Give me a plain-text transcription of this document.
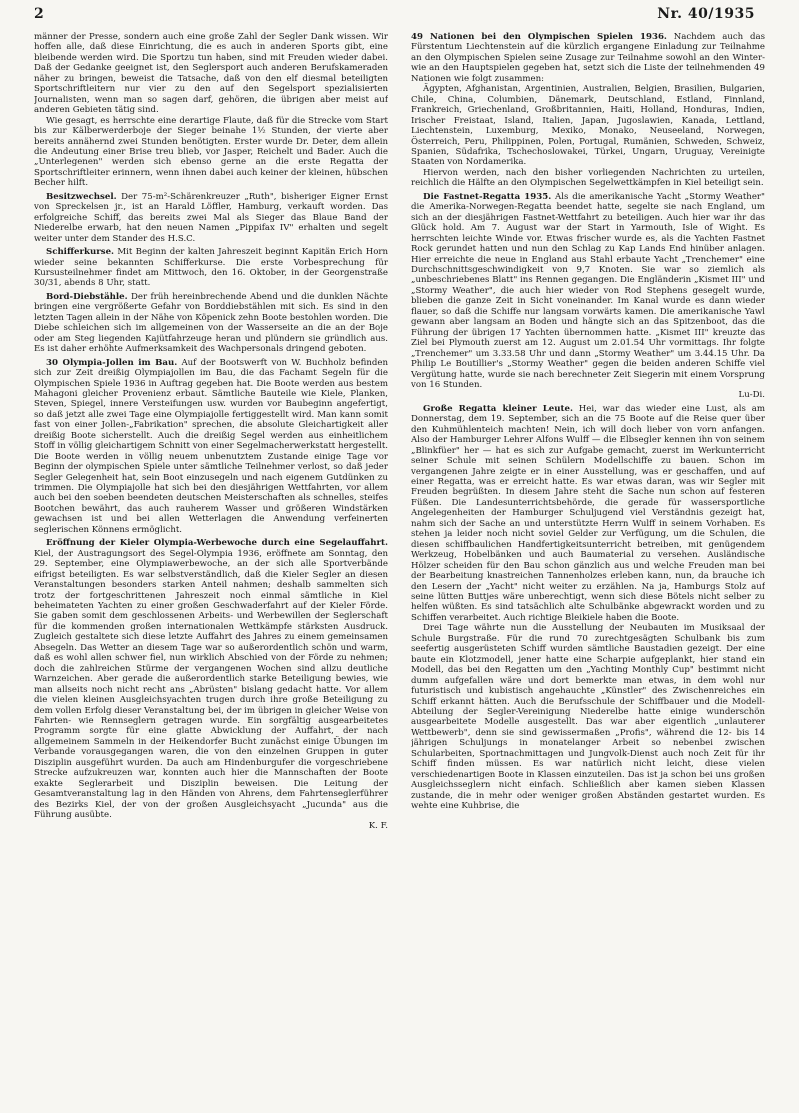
2	Nr. 40/1935

männer der Presse, sondern auch eine große Zahl der Segler Dank wissen. Wir hoffen alle, daß diese Einrichtung, die es auch in anderen Sports gibt, eine bleibende werden wird. Die Sportzu tun haben, sind mit Freuden wieder dabei. Daß der Gedanke geeignet ist, den Seglersport auch anderen Berufskameraden näher zu bringen, beweist die Tatsache, daß von den elf diesmal beteiligten Sportschriftleitern nur vier zu den auf den Segelsport spezialisierten Journalisten, wenn man so sagen darf, gehören, die übrigen aber meist auf anderen Gebieten tätig sind.

Wie gesagt, es herrschte eine derartige Flaute, daß für die Strecke vom Start bis zur Kälberwerderboje der Sieger beinahe 1½ Stunden, der vierte aber bereits annähernd zwei Stunden benötigten. Erster wurde Dr. Deter, dem allein die Andeutung einer Brise treu blieb, vor Jasper, Reichelt und Bader. Auch die „Unterlegenen" werden sich ebenso gerne an die erste Regatta der Sportschriftleiter erinnern, wenn ihnen dabei auch keiner der kleinen, hübschen Becher hilft.

Besitzwechsel. Der 75-m²-Schärenkreuzer „Ruth", bisheriger Eigner Ernst von Spreckelsen jr., ist an Harald Löffler, Hamburg, verkauft worden. Das erfolgreiche Schiff, das bereits zwei Mal als Sieger das Blaue Band der Niederelbe erwarb, hat den neuen Namen „Pippifax IV" erhalten und segelt weiter unter dem Stander des H.S.C.

Schifferkurse. Mit Beginn der kalten Jahreszeit beginnt Kapitän Erich Horn wieder seine bekannten Schifferkurse. Die erste Vorbesprechung für Kursusteilnehmer findet am Mittwoch, den 16. Oktober, in der Georgenstraße 30/31, abends 8 Uhr, statt.

Bord-Diebstähle. Der früh hereinbrechende Abend und die dunklen Nächte bringen eine vergrößerte Gefahr von Borddiebstählen mit sich. Es sind in den letzten Tagen allein in der Nähe von Köpenick zehn Boote bestohlen worden. Die Diebe schleichen sich im allgemeinen von der Wasserseite an die an der Boje oder am Steg liegenden Kajütfahrzeuge heran und plündern sie gründlich aus. Es ist daher erhöhte Aufmerksamkeit des Wachpersonals dringend geboten.

30 Olympia-Jollen im Bau. Auf der Bootswerft von W. Buchholz befinden sich zur Zeit dreißig Olympiajollen im Bau, die das Fachamt Segeln für die Olympischen Spiele 1936 in Auftrag gegeben hat. Die Boote werden aus bestem Mahagoni gleicher Provenienz erbaut. Sämtliche Bauteile wie Kiele, Planken, Steven, Spiegel, innere Versteifungen usw. wurden vor Baubeginn angefertigt, so daß jetzt alle zwei Tage eine Olympiajolle fertiggestellt wird. Man kann somit fast von einer Jollen-„Fabrikation" sprechen, die absolute Gleichartigkeit aller dreißig Boote sicherstellt. Auch die dreißig Segel werden aus einheitlichem Stoff in völlig gleichartigem Schnitt von einer Segelmacherwerkstatt hergestellt. Die Boote werden in völlig neuem unbenutztem Zustande einige Tage vor Beginn der olympischen Spiele unter sämtliche Teilnehmer verlost, so daß jeder Segler Gelegenheit hat, sein Boot einzusegeln und nach eigenem Gutdünken zu trimmen. Die Olympiajolle hat sich bei den diesjährigen Wettfahrten, vor allem auch bei den soeben beendeten deutschen Meisterschaften als schnelles, steifes Bootchen bewährt, das auch rauherem Wasser und größeren Windstärken gewachsen ist und bei allen Wetterlagen die Anwendung verfeinerten seglerischen Könnens ermöglicht.

Eröffnung der Kieler Olympia-Werbewoche durch eine Segelauffahrt. Kiel, der Austragungsort des Segel-Olympia 1936, eröffnete am Sonntag, den 29. September, eine Olympiawerbewoche, an der sich alle Sportverbände eifrigst beteiligten. Es war selbstverständlich, daß die Kieler Segler an diesen Veranstaltungen besonders starken Anteil nahmen; deshalb sammelten sich trotz der fortgeschrittenen Jahreszeit noch einmal sämtliche in Kiel beheimateten Yachten zu einer großen Geschwaderfahrt auf der Kieler Förde. Sie gaben somit dem geschlossenen Arbeits- und Werbewillen der Seglerschaft für die kommenden großen internationalen Wettkämpfe stärksten Ausdruck. Zugleich gestaltete sich diese letzte Auffahrt des Jahres zu einem gemeinsamen Absegeln. Das Wetter an diesem Tage war so außerordentlich schön und warm, daß es wohl allen schwer fiel, nun wirklich Abschied von der Förde zu nehmen; doch die zahlreichen Stürme der vergangenen Wochen sind allzu deutliche Warnzeichen. Aber gerade die außerordentlich starke Beteiligung bewies, wie man allseits noch nicht recht ans „Abrüsten" bislang gedacht hatte. Vor allem die vielen kleinen Ausgleichsyachten trugen durch ihre große Beteiligung zu dem vollen Erfolg dieser Veranstaltung bei, der im übrigen in gleicher Weise von Fahrten- wie Rennseglern getragen wurde. Ein sorgfältig ausgearbeitetes Programm sorgte für eine glatte Abwicklung der Auffahrt, der nach allgemeinem Sammeln in der Heikendorfer Bucht zunächst einige Übungen im Verbande vorausgegangen waren, die von den einzelnen Gruppen in guter Disziplin ausgeführt wurden. Da auch am Hindenburgufer die vorgeschriebene Strecke aufzukreuzen war, konnten auch hier die Mannschaften der Boote exakte Seglerarbeit und Disziplin beweisen. Die Leitung der Gesamtveranstaltung lag in den Händen von Ahrens, dem Fahrtenseglerführer des Bezirks Kiel, der von der großen Ausgleichsyacht „Jucunda" aus die Führung ausübte.
K. F.

49 Nationen bei den Olympischen Spielen 1936. Nachdem auch das Fürstentum Liechtenstein auf die kürzlich ergangene Einladung zur Teilnahme an den Olympischen Spielen seine Zusage zur Teilnahme sowohl an den Winter- wie an den Hauptspielen gegeben hat, setzt sich die Liste der teilnehmenden 49 Nationen wie folgt zusammen:

Ägypten, Afghanistan, Argentinien, Australien, Belgien, Brasilien, Bulgarien, Chile, China, Columbien, Dänemark, Deutschland, Estland, Finnland, Frankreich, Griechenland, Großbritannien, Haiti, Holland, Honduras, Indien, Irischer Freistaat, Island, Italien, Japan, Jugoslawien, Kanada, Lettland, Liechtenstein, Luxemburg, Mexiko, Monako, Neuseeland, Norwegen, Österreich, Peru, Philippinen, Polen, Portugal, Rumänien, Schweden, Schweiz, Spanien, Südafrika, Tschechoslowakei, Türkei, Ungarn, Uruguay, Vereinigte Staaten von Nordamerika.

Hiervon werden, nach den bisher vorliegenden Nachrichten zu urteilen, reichlich die Hälfte an den Olympischen Segelwettkämpfen in Kiel beteiligt sein.

Die Fastnet-Regatta 1935. Als die amerikanische Yacht „Stormy Weather" die Amerika-Norwegen-Regatta beendet hatte, segelte sie nach England, um sich an der diesjährigen Fastnet-Wettfahrt zu beteiligen. Auch hier war ihr das Glück hold. Am 7. August war der Start in Yarmouth, Isle of Wight. Es herrschten leichte Winde vor. Etwas frischer wurde es, als die Yachten Fastnet Rock gerundet hatten und nun den Schlag zu Kap Lands End hinüber anlagen. Hier erreichte die neue in England aus Stahl erbaute Yacht „Trenchemer" eine Durchschnittsgeschwindigkeit von 9,7 Knoten. Sie war so ziemlich als „unbeschriebenes Blatt" ins Rennen gegangen. Die Engländerin „Kismet III" und „Stormy Weather", die auch hier wieder von Rod Stephens gesegelt wurde, blieben die ganze Zeit in Sicht voneinander. Im Kanal wurde es dann wieder flauer, so daß die Schiffe nur langsam vorwärts kamen. Die amerikanische Yawl gewann aber langsam an Boden und hängte sich an das Spitzenboot, das die Führung der übrigen 17 Yachten übernommen hatte. „Kismet III" kreuzte das Ziel bei Plymouth zuerst am 12. August um 2.01.54 Uhr vormittags. Ihr folgte „Trenchemer" um 3.33.58 Uhr und dann „Stormy Weather" um 3.44.15 Uhr. Da Philip Le Boutillier's „Stormy Weather" gegen die beiden anderen Schiffe viel Vergütung hatte, wurde sie nach berechneter Zeit Siegerin mit einem Vorsprung von 16 Stunden.
Lu-Di.

Große Regatta kleiner Leute. Hei, war das wieder eine Lust, als am Donnerstag, dem 19. September, sich an die 75 Boote auf die Reise quer über den Kuhmühlenteich machten! Nein, ich will doch lieber von vorn anfangen. Also der Hamburger Lehrer Alfons Wulff — die Elbsegler kennen ihn von seinem „Blinkfüer" her — hat es sich zur Aufgabe gemacht, zuerst im Werkunterricht seiner Schule mit seinen Schülern Modellschiffe zu bauen. Schon im vergangenen Jahre zeigte er in einer Ausstellung, was er geschaffen, und auf einer Regatta, was er erreicht hatte. Es war etwas daran, was wir Segler mit Freuden begrüßten. In diesem Jahre steht die Sache nun schon auf festeren Füßen. Die Landesunterrichtsbehörde, die gerade für wassersportliche Angelegenheiten der Hamburger Schuljugend viel Verständnis gezeigt hat, nahm sich der Sache an und unterstützte Herrn Wulff in seinem Vorhaben. Es stehen ja leider noch nicht soviel Gelder zur Verfügung, um die Schulen, die diesen schiffbaulichen Handfertigkeitsunterricht betreiben, mit genügendem Werkzeug, Hobelbänken und auch Baumaterial zu versehen. Ausländische Hölzer scheiden für den Bau schon gänzlich aus und welche Freuden man bei der Bearbeitung knastreichen Tannenholzes erleben kann, nun, da brauche ich den Lesern der „Yacht" nicht weiter zu erzählen. Na ja, Hamburgs Stolz auf seine lütten Buttjes wäre unberechtigt, wenn sich diese Bötels nicht selber zu helfen wüßten. Es sind tatsächlich alte Schulbänke abgewrackt worden und zu Schiffen verarbeitet. Auch richtige Bleikiele haben die Boote.

Drei Tage währte nun die Ausstellung der Neubauten im Musiksaal der Schule Burgstraße. Für die rund 70 zurechtgesägten Schulbank bis zum seefertig ausgerüsteten Schiff wurden sämtliche Baustadien gezeigt. Der eine baute ein Klotzmodell, jener hatte eine Scharpie aufgeplankt, hier stand ein Modell, das bei den Regatten um den „Yachting Monthly Cup" bestimmt nicht dumm aufgefallen wäre und dort bemerkte man etwas, in dem wohl nur futuristisch und kubistisch angehauchte „Künstler" des Zwischenreiches ein Schiff erkannt hätten. Auch die Berufsschule der Schiffbauer und die Modell-Abteilung der Segler-Vereinigung Niederelbe hatte einige wunderschön ausgearbeitete Modelle ausgestellt. Das war aber eigentlich „unlauterer Wettbewerb", denn sie sind gewissermaßen „Profis", während die 12- bis 14 jährigen Schuljungs in monatelanger Arbeit so nebenbei zwischen Schularbeiten, Sportnachmittagen und Jungvolk-Dienst auch noch Zeit für ihr Schiff finden müssen. Es war natürlich nicht leicht, diese vielen verschiedenartigen Boote in Klassen einzuteilen. Das ist ja schon bei uns großen Ausgleichsseglern nicht einfach. Schließlich aber kamen sieben Klassen zustande, die in mehr oder weniger großen Abständen gestartet wurden. Es wehte eine Kuhbrise, die
